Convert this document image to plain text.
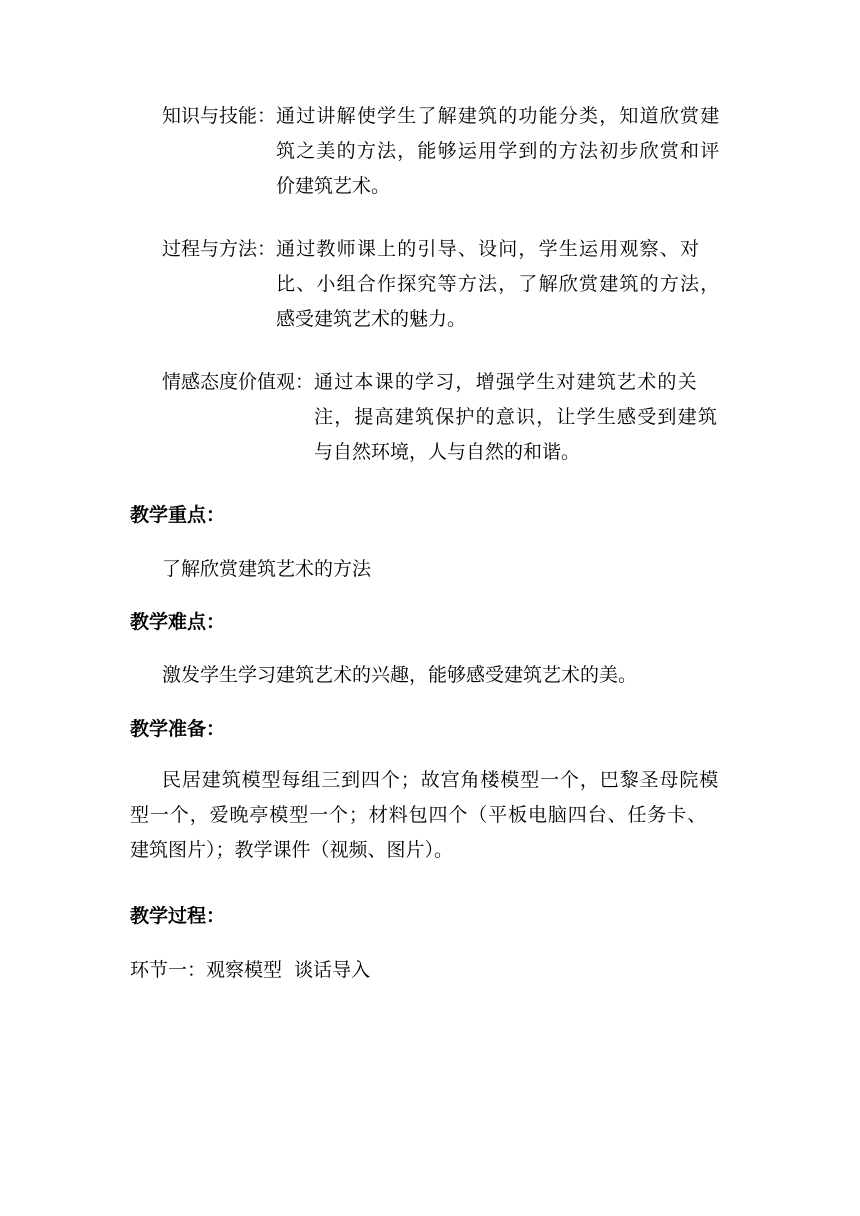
知识与技能： 通过讲解使学生了解建筑的功能分类，知道欣赏建
筑之美的方法，能够运用学到的方法初步欣赏和评
价建筑艺术。
过程与方法： 通过教师课上的引导、设问，学生运用观察、对
比、小组合作探究等方法，了解欣赏建筑的方法，
感受建筑艺术的魅力。
情感态度价值观： 通过本课的学习，增强学生对建筑艺术的关
注，提高建筑保护的意识，让学生感受到建筑
与自然环境，人与自然的和谐。
教学重点：
了解欣赏建筑艺术的方法
教学难点：
激发学生学习建筑艺术的兴趣，能够感受建筑艺术的美。
教学准备：
民居建筑模型每组三到四个；故宫角楼模型一个，巴黎圣母院模
型一个，爱晚亭模型一个；材料包四个（平板电脑四台、任务卡、
建筑图片）；教学课件（视频、图片）。
教学过程：
环节一：观察模型  谈话导入
